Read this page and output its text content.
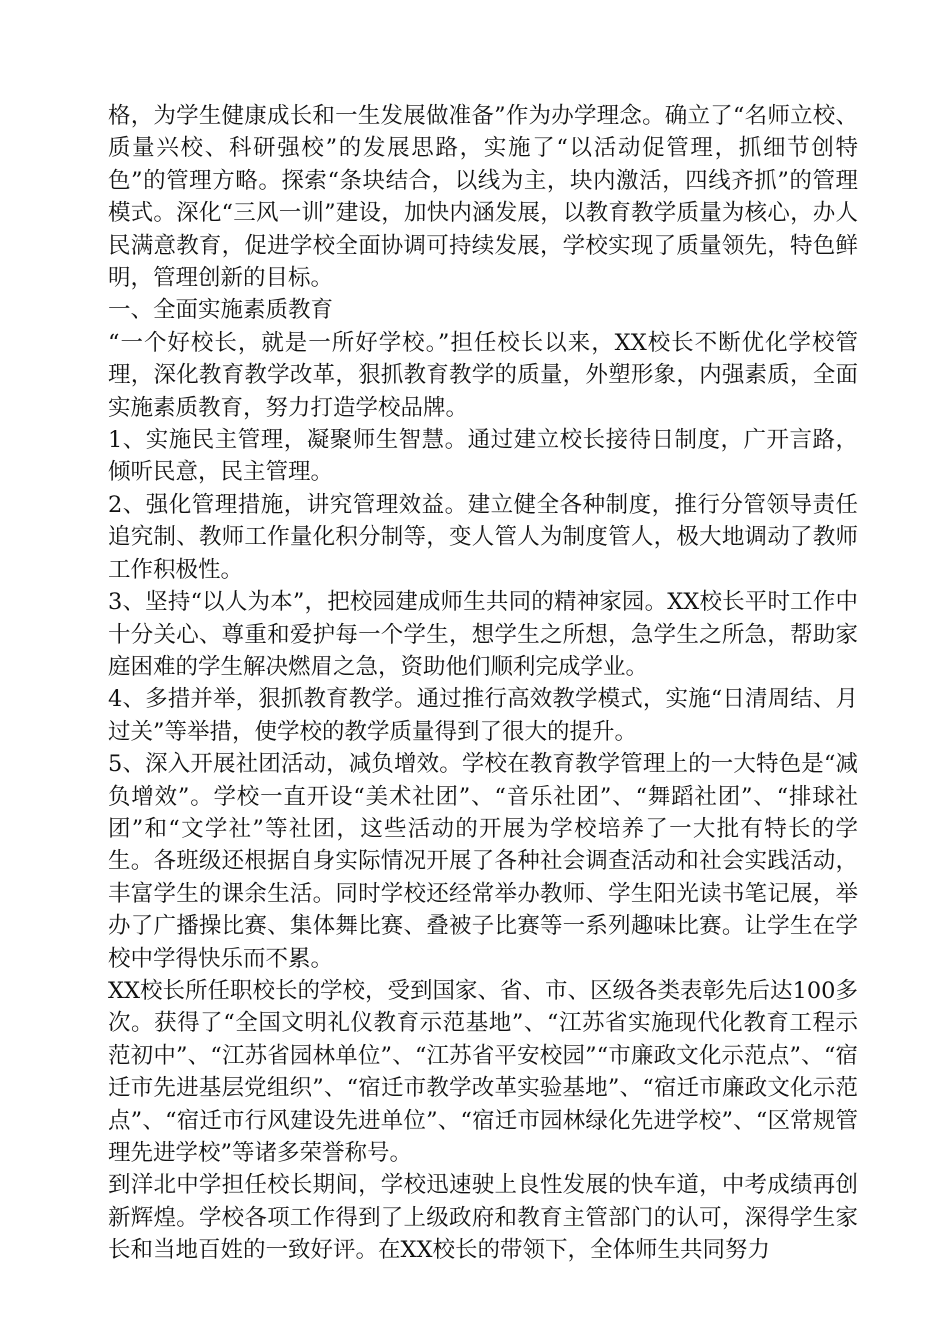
格，为学生健康成长和一生发展做准备”作为办学理念。确立了“名师立校、质量兴校、科研强校”的发展思路，实施了“以活动促管理，抓细节创特色”的管理方略。探索“条块结合，以线为主，块内激活，四线齐抓”的管理模式。深化“三风一训”建设，加快内涵发展，以教育教学质量为核心，办人民满意教育，促进学校全面协调可持续发展，学校实现了质量领先，特色鲜明，管理创新的目标。

一、全面实施素质教育

“一个好校长，就是一所好学校。”担任校长以来，XX校长不断优化学校管理，深化教育教学改革，狠抓教育教学的质量，外塑形象，内强素质，全面实施素质教育，努力打造学校品牌。

1、实施民主管理，凝聚师生智慧。通过建立校长接待日制度，广开言路，倾听民意，民主管理。

2、强化管理措施，讲究管理效益。建立健全各种制度，推行分管领导责任追究制、教师工作量化积分制等，变人管人为制度管人，极大地调动了教师工作积极性。

3、坚持“以人为本”，把校园建成师生共同的精神家园。XX校长平时工作中十分关心、尊重和爱护每一个学生，想学生之所想，急学生之所急，帮助家庭困难的学生解决燃眉之急，资助他们顺利完成学业。

4、多措并举，狠抓教育教学。通过推行高效教学模式，实施“日清周结、月过关”等举措，使学校的教学质量得到了很大的提升。

5、深入开展社团活动，减负增效。学校在教育教学管理上的一大特色是“减负增效”。学校一直开设“美术社团”、“音乐社团”、“舞蹈社团”、“排球社团”和“文学社”等社团，这些活动的开展为学校培养了一大批有特长的学生。各班级还根据自身实际情况开展了各种社会调查活动和社会实践活动，丰富学生的课余生活。同时学校还经常举办教师、学生阳光读书笔记展，举办了广播操比赛、集体舞比赛、叠被子比赛等一系列趣味比赛。让学生在学校中学得快乐而不累。

XX校长所任职校长的学校，受到国家、省、市、区级各类表彰先后达100多次。获得了“全国文明礼仪教育示范基地”、“江苏省实施现代化教育工程示范初中”、“江苏省园林单位”、“江苏省平安校园”“市廉政文化示范点”、“宿迁市先进基层党组织”、“宿迁市教学改革实验基地”、“宿迁市廉政文化示范点”、“宿迁市行风建设先进单位”、“宿迁市园林绿化先进学校”、“区常规管理先进学校”等诸多荣誉称号。

到洋北中学担任校长期间，学校迅速驶上良性发展的快车道，中考成绩再创新辉煌。学校各项工作得到了上级政府和教育主管部门的认可，深得学生家长和当地百姓的一致好评。在XX校长的带领下，全体师生共同努力
